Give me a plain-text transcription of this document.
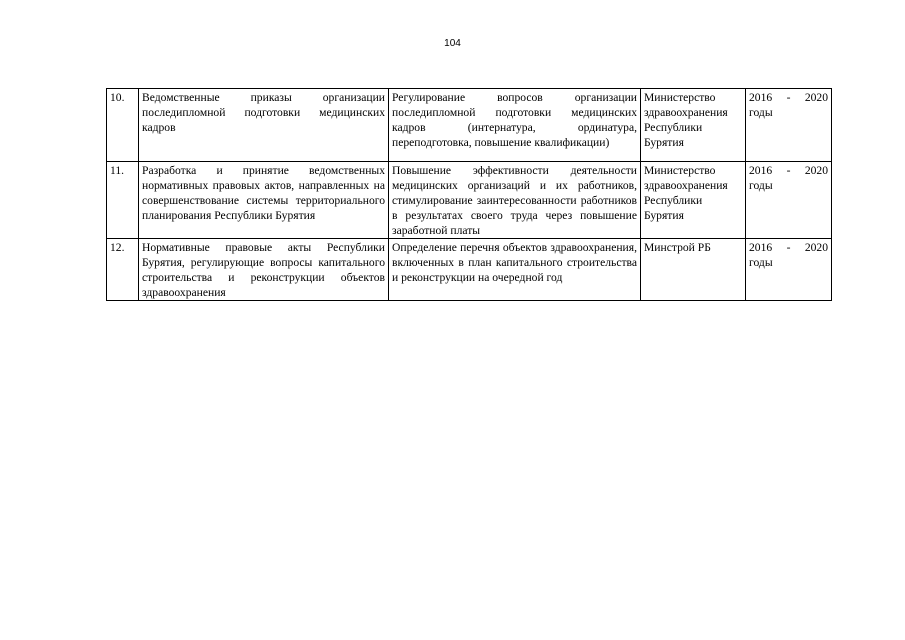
104
10.	Ведомственные приказы организации последипломной подготовки медицинских кадров	Регулирование вопросов организации последипломной подготовки медицинских кадров (интернатура, ординатура, переподготовка, повышение квалификации)	Министерство здравоохранения Республики Бурятия	2016 - 2020
годы

11.	Разработка и принятие ведомственных нормативных правовых актов, направленных на совершенствование системы территориального планирования Республики Бурятия	Повышение эффективности деятельности медицинских организаций и их работников, стимулирование заинтересованности работников в результатах своего труда через повышение заработной платы	Министерство здравоохранения Республики Бурятия	2016 - 2020
годы

12.	Нормативные правовые акты Республики Бурятия, регулирующие вопросы капитального строительства и реконструкции объектов здравоохранения	Определение перечня объектов здравоохранения, включенных в план капитального строительства и реконструкции на очередной год	Минстрой РБ	2016 - 2020
годы
